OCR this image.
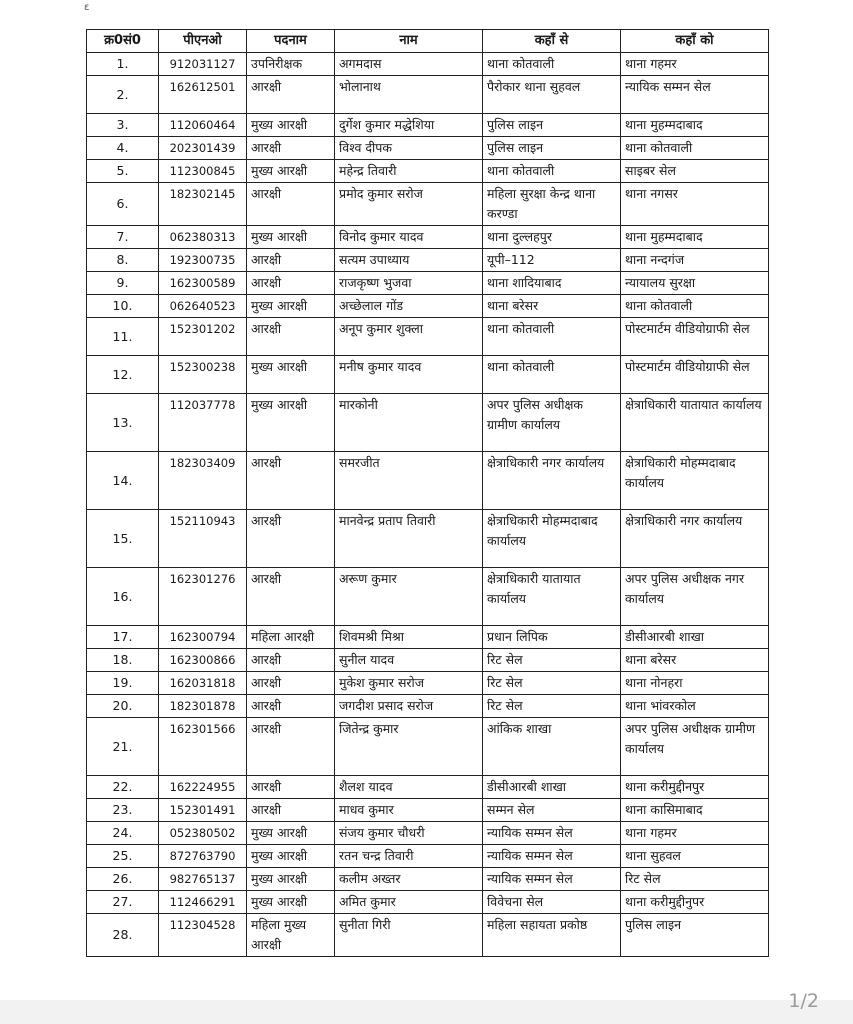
ε
क्र0सं0	पीएनओ	पदनाम	नाम	कहाँ से	कहाँ को
1.	912031127	उपनिरीक्षक	अगमदास	थाना कोतवाली	थाना गहमर
2.	162612501	आरक्षी	भोलानाथ	पैरोकार थाना सुहवल	न्यायिक सम्मन सेल
3.	112060464	मुख्य आरक्षी	दुर्गेश कुमार मद्धेशिया	पुलिस लाइन	थाना मुहम्मदाबाद
4.	202301439	आरक्षी	विश्व दीपक	पुलिस लाइन	थाना कोतवाली
5.	112300845	मुख्य आरक्षी	महेन्द्र तिवारी	थाना कोतवाली	साइबर सेल
6.	182302145	आरक्षी	प्रमोद कुमार सरोज	महिला सुरक्षा केन्द्र थाना करण्डा	थाना नगसर
7.	062380313	मुख्य आरक्षी	विनोद कुमार यादव	थाना दुल्लहपुर	थाना मुहम्मदाबाद
8.	192300735	आरक्षी	सत्यम उपाध्याय	यूपी–112	थाना नन्दगंज
9.	162300589	आरक्षी	राजकृष्ण भुजवा	थाना शादियाबाद	न्यायालय सुरक्षा
10.	062640523	मुख्य आरक्षी	अच्छेलाल गोंड	थाना बरेसर	थाना कोतवाली
11.	152301202	आरक्षी	अनूप कुमार शुक्ला	थाना कोतवाली	पोस्टमार्टम वीडियोग्राफी सेल
12.	152300238	मुख्य आरक्षी	मनीष कुमार यादव	थाना कोतवाली	पोस्टमार्टम वीडियोग्राफी सेल
13.	112037778	मुख्य आरक्षी	मारकोनी	अपर पुलिस अधीक्षक ग्रामीण कार्यालय	क्षेत्राधिकारी यातायात कार्यालय
14.	182303409	आरक्षी	समरजीत	क्षेत्राधिकारी नगर कार्यालय	क्षेत्राधिकारी मोहम्मदाबाद कार्यालय
15.	152110943	आरक्षी	मानवेन्द्र प्रताप तिवारी	क्षेत्राधिकारी मोहम्मदाबाद कार्यालय	क्षेत्राधिकारी नगर कार्यालय
16.	162301276	आरक्षी	अरूण कुमार	क्षेत्राधिकारी यातायात कार्यालय	अपर पुलिस अधीक्षक नगर कार्यालय
17.	162300794	महिला आरक्षी	शिवमश्री मिश्रा	प्रधान लिपिक	डीसीआरबी शाखा
18.	162300866	आरक्षी	सुनील यादव	रिट सेल	थाना बरेसर
19.	162031818	आरक्षी	मुकेश कुमार सरोज	रिट सेल	थाना नोनहरा
20.	182301878	आरक्षी	जगदीश प्रसाद सरोज	रिट सेल	थाना भांवरकोल
21.	162301566	आरक्षी	जितेन्द्र कुमार	आंकिक शाखा	अपर पुलिस अधीक्षक ग्रामीण कार्यालय
22.	162224955	आरक्षी	शैलश यादव	डीसीआरबी शाखा	थाना करीमुद्दीनपुर
23.	152301491	आरक्षी	माधव कुमार	सम्मन सेल	थाना कासिमाबाद
24.	052380502	मुख्य आरक्षी	संजय कुमार चौधरी	न्यायिक सम्मन सेल	थाना गहमर
25.	872763790	मुख्य आरक्षी	रतन चन्द्र तिवारी	न्यायिक सम्मन सेल	थाना सुहवल
26.	982765137	मुख्य आरक्षी	कलीम अख्तर	न्यायिक सम्मन सेल	रिट सेल
27.	112466291	मुख्य आरक्षी	अमित कुमार	विवेचना सेल	थाना करीमुद्दीनुपर
28.	112304528	महिला मुख्य आरक्षी	सुनीता गिरी	महिला सहायता प्रकोष्ठ	पुलिस लाइन
1/2
